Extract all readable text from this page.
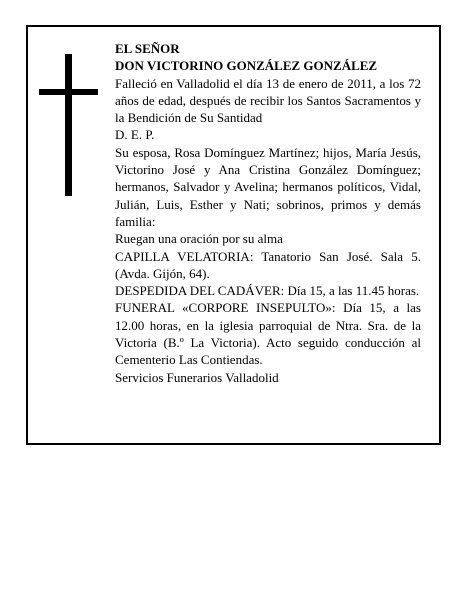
EL SEÑOR

DON VICTORINO GONZÁLEZ GONZÁLEZ

Falleció en Valladolid el día 13 de enero de 2011, a los 72 años de edad, después de recibir los Santos Sacramentos y la Bendición de Su Santidad

D. E. P.

Su esposa, Rosa Domínguez Martínez; hijos, María Jesús, Victorino José y Ana Cristina González Domínguez; hermanos, Salvador y Avelina; hermanos políticos, Vidal, Julián, Luis, Esther y Nati; sobrinos, primos y demás familia:

Ruegan una oración por su alma

CAPILLA VELATORIA: Tanatorio San José. Sala 5. (Avda. Gijón, 64).

DESPEDIDA DEL CADÁVER: Día 15, a las 11.45 horas.

FUNERAL «CORPORE INSEPULTO»: Día 15, a las 12.00 horas, en la iglesia parroquial de Ntra. Sra. de la Victoria (B.º La Victoria). Acto seguido conducción al Cementerio Las Contiendas.

Servicios Funerarios Valladolid
